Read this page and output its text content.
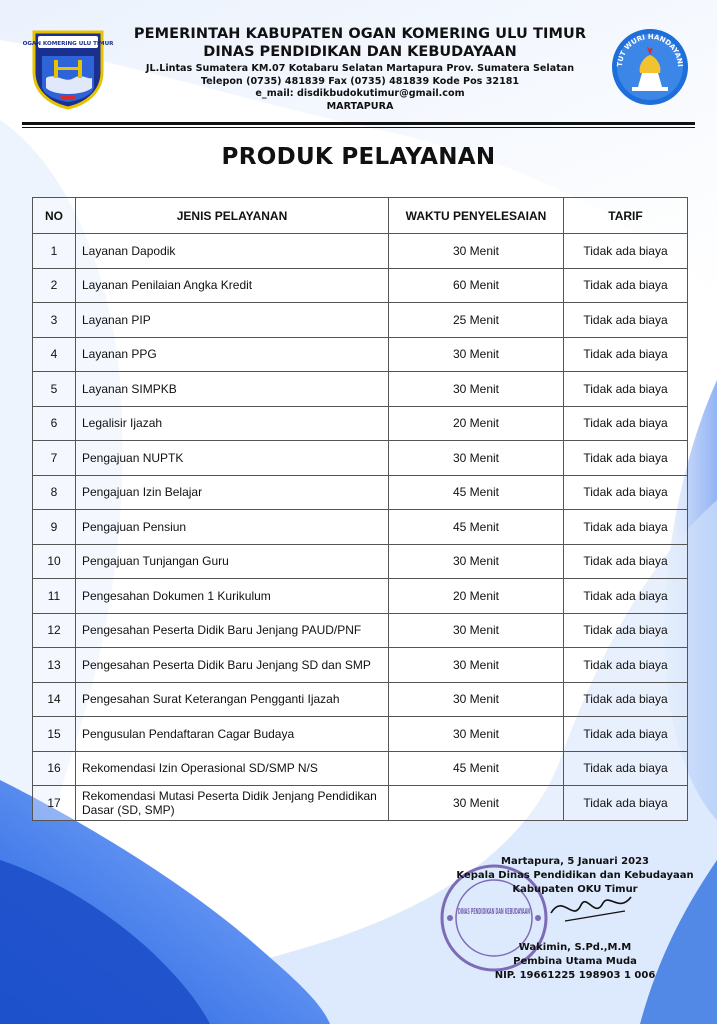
OGAN KOMERING ULU TIMUR
PEMERINTAH KABUPATEN OGAN KOMERING ULU TIMUR
DINAS PENDIDIKAN DAN KEBUDAYAAN
JL.Lintas Sumatera KM.07 Kotabaru Selatan Martapura Prov. Sumatera Selatan
Telepon (0735) 481839 Fax (0735) 481839 Kode Pos 32181
e_mail: disdikbudokutimur@gmail.com
MARTAPURA
TUT WURI HANDAYANI
PRODUK PELAYANAN
NO	JENIS PELAYANAN	WAKTU PENYELESAIAN	TARIF
1	Layanan Dapodik	30 Menit	Tidak ada biaya
2	Layanan Penilaian Angka Kredit	60 Menit	Tidak ada biaya
3	Layanan PIP	25 Menit	Tidak ada biaya
4	Layanan PPG	30 Menit	Tidak ada biaya
5	Layanan SIMPKB	30 Menit	Tidak ada biaya
6	Legalisir Ijazah	20 Menit	Tidak ada biaya
7	Pengajuan NUPTK	30 Menit	Tidak ada biaya
8	Pengajuan Izin Belajar	45 Menit	Tidak ada biaya
9	Pengajuan Pensiun	45 Menit	Tidak ada biaya
10	Pengajuan Tunjangan Guru	30 Menit	Tidak ada biaya
11	Pengesahan Dokumen 1 Kurikulum	20 Menit	Tidak ada biaya
12	Pengesahan Peserta Didik Baru Jenjang PAUD/PNF	30 Menit	Tidak ada biaya
13	Pengesahan Peserta Didik Baru Jenjang SD dan SMP	30 Menit	Tidak ada biaya
14	Pengesahan Surat Keterangan Pengganti Ijazah	30 Menit	Tidak ada biaya
15	Pengusulan Pendaftaran Cagar Budaya	30 Menit	Tidak ada biaya
16	Rekomendasi Izin Operasional SD/SMP N/S	45 Menit	Tidak ada biaya
17	Rekomendasi Mutasi Peserta Didik Jenjang Pendidikan Dasar (SD, SMP)	30 Menit	Tidak ada biaya
DINAS PENDIDIKAN DAN KEBUDAYAAN
Martapura, 5 Januari 2023
Kepala Dinas Pendidikan dan Kebudayaan
Kabupaten OKU Timur
Wakimin, S.Pd.,M.M
Pembina Utama Muda
NIP. 19661225 198903 1 006
